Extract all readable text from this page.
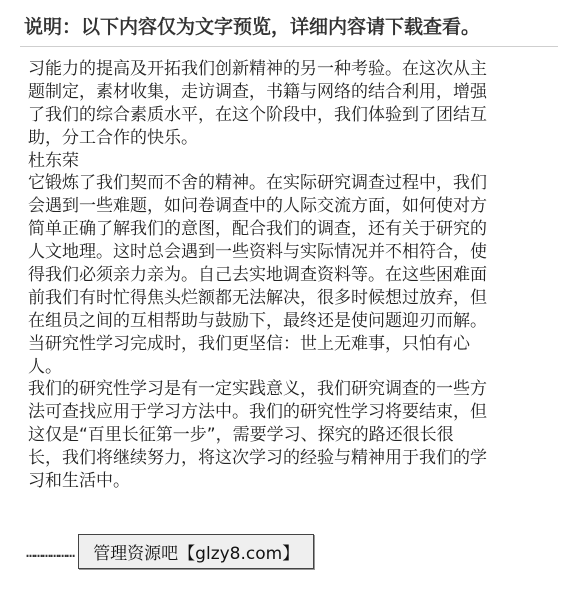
说明：以下内容仅为文字预览，详细内容请下载查看。
习能力的提高及开拓我们创新精神的另一种考验。在这次从主
题制定，素材收集，走访调查，书籍与网络的结合利用，增强
了我们的综合素质水平，在这个阶段中，我们体验到了团结互
助，分工合作的快乐。
杜东荣
它锻炼了我们契而不舍的精神。在实际研究调查过程中，我们
会遇到一些难题，如问卷调查中的人际交流方面，如何使对方
简单正确了解我们的意图，配合我们的调查，还有关于研究的
人文地理。这时总会遇到一些资料与实际情况并不相符合，使
得我们必须亲力亲为。自己去实地调查资料等。在这些困难面
前我们有时忙得焦头烂额都无法解决，很多时候想过放弃，但
在组员之间的互相帮助与鼓励下，最终还是使问题迎刃而解。
当研究性学习完成时，我们更坚信：世上无难事，只怕有心
人。
我们的研究性学习是有一定实践意义，我们研究调查的一些方
法可查找应用于学习方法中。我们的研究性学习将要结束，但
这仅是“百里长征第一步”，需要学习、探究的路还很长很
长，我们将继续努力，将这次学习的经验与精神用于我们的学
习和生活中。
………………	管理资源吧【glzy8.com】
